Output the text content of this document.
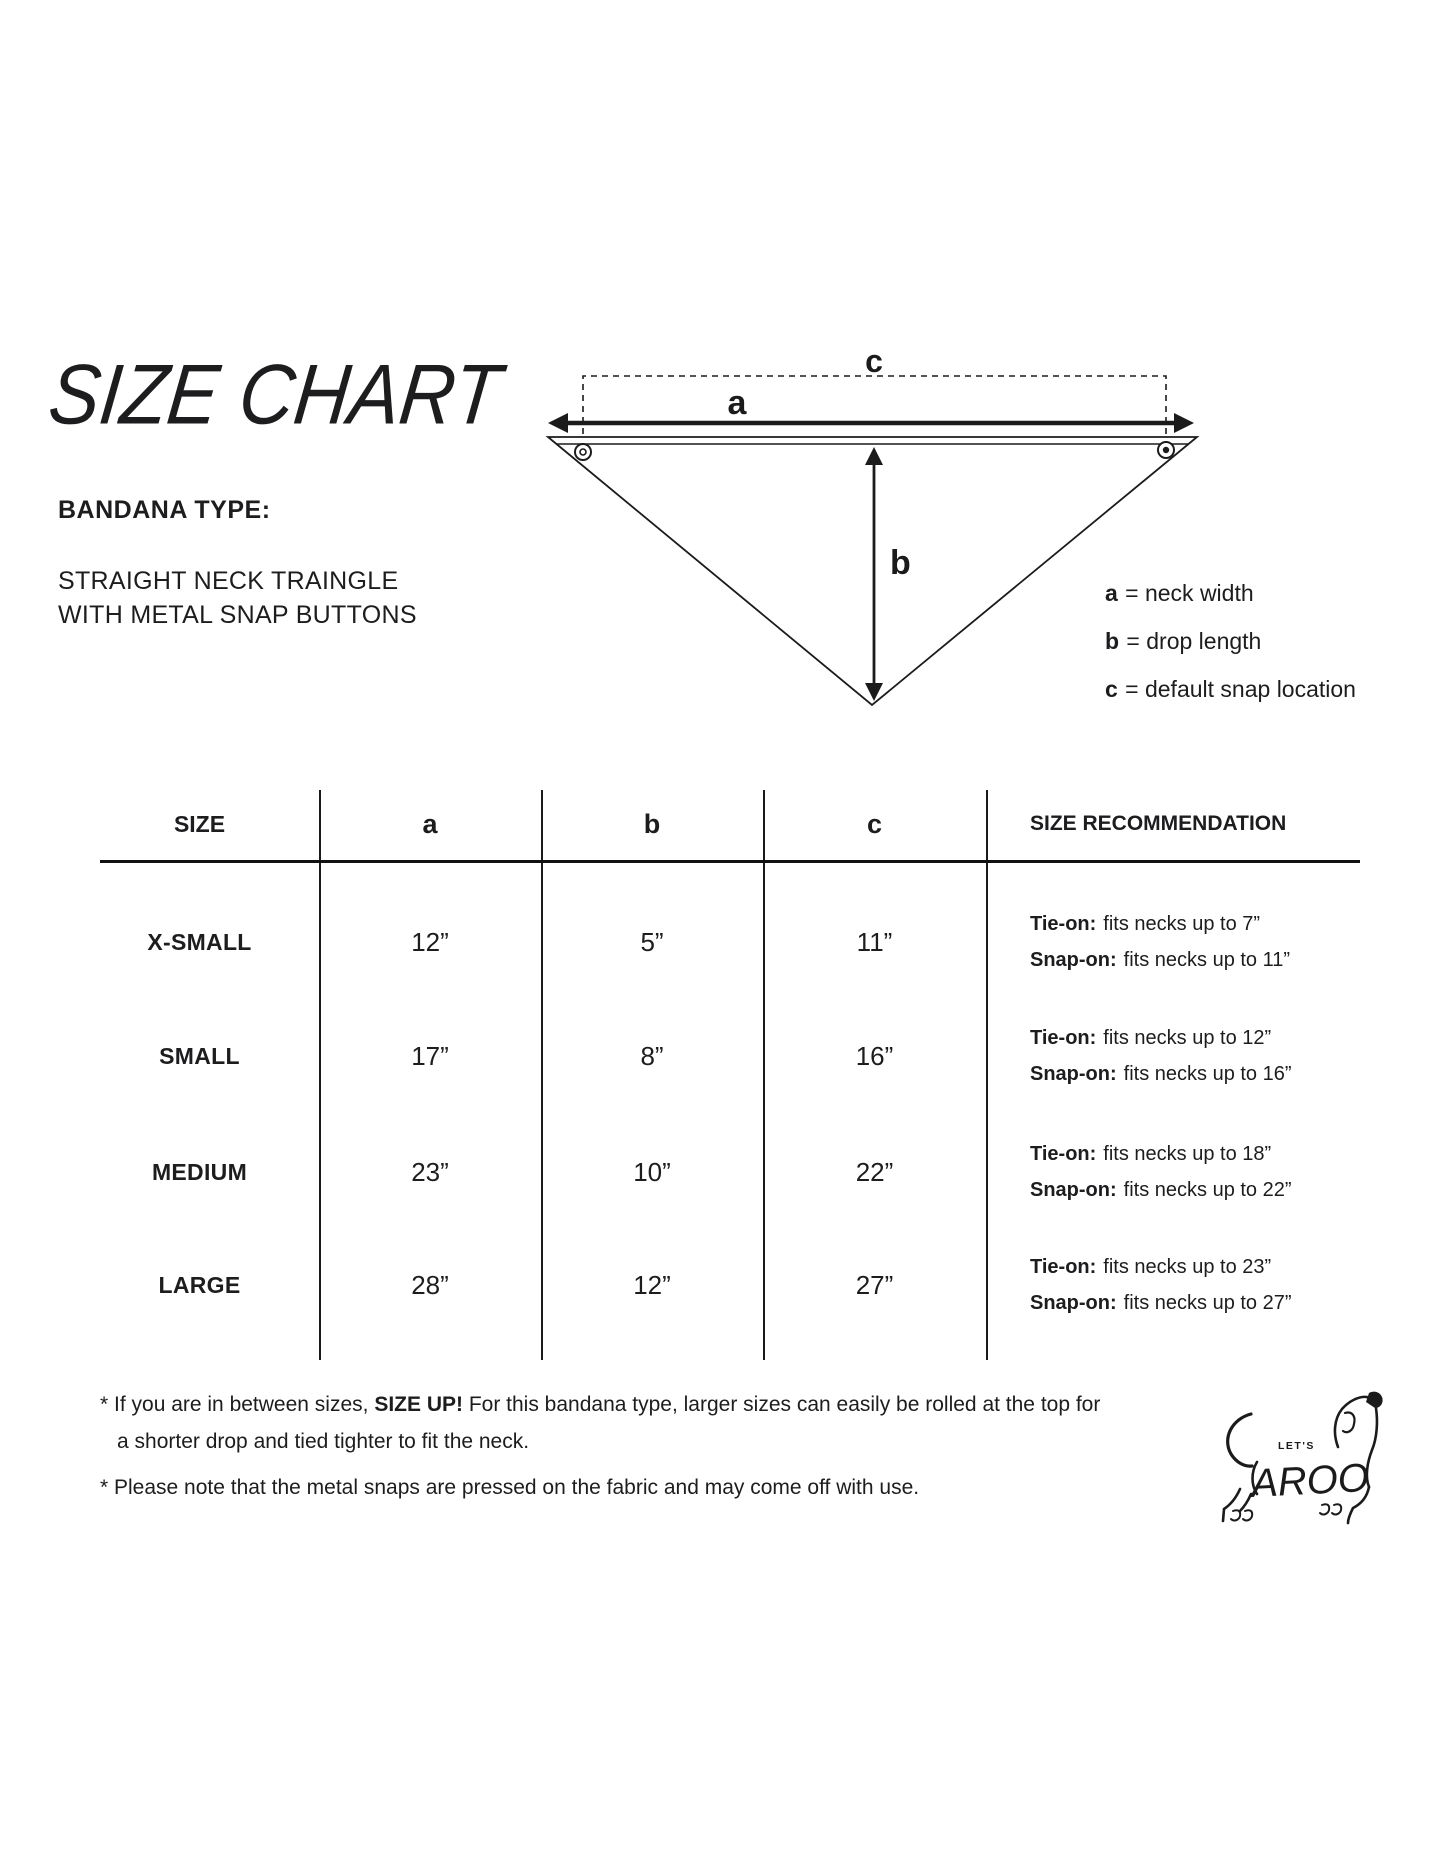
SIZE CHART
BANDANA TYPE:
STRAIGHT NECK TRAINGLE
WITH METAL SNAP BUTTONS
c
a
b
a = neck width
b = drop length
c = default snap location
SIZE	a	b	c	SIZE RECOMMENDATION
X-SMALL	12”	5”	11”
Tie-on: fits necks up to 7”
Snap-on: fits necks up to 11”
SMALL	17”	8”	16”
Tie-on: fits necks up to 12”
Snap-on: fits necks up to 16”
MEDIUM	23”	10”	22”
Tie-on: fits necks up to 18”
Snap-on: fits necks up to 22”
LARGE	28”	12”	27”
Tie-on: fits necks up to 23”
Snap-on: fits necks up to 27”
* If you are in between sizes, SIZE UP! For this bandana type, larger sizes can easily be rolled at the top for
a shorter drop and tied tighter to fit the neck.
* Please note that the metal snaps are pressed on the fabric and may come off with use.
LET'S
AROO
